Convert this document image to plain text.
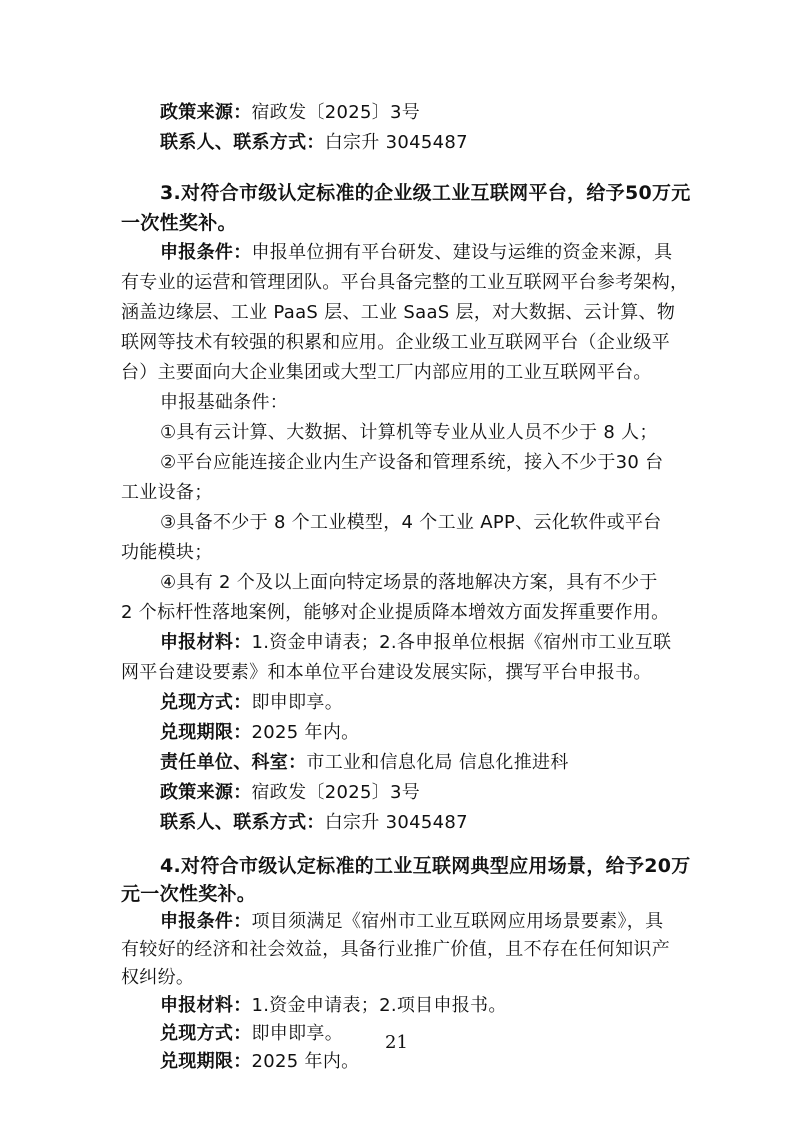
政策来源：宿政发〔2025〕3号
联系人、联系方式：白宗升 3045487
3.对符合市级认定标准的企业级工业互联网平台，给予50万元
一次性奖补。
申报条件：申报单位拥有平台研发、建设与运维的资金来源，具
有专业的运营和管理团队。平台具备完整的工业互联网平台参考架构，
涵盖边缘层、工业 PaaS 层、工业 SaaS 层，对大数据、云计算、物
联网等技术有较强的积累和应用。企业级工业互联网平台（企业级平
台）主要面向大企业集团或大型工厂内部应用的工业互联网平台。
申报基础条件：
①具有云计算、大数据、计算机等专业从业人员不少于 8 人；
②平台应能连接企业内生产设备和管理系统，接入不少于30 台
工业设备；
③具备不少于 8 个工业模型，4 个工业 APP、云化软件或平台
功能模块；
④具有 2 个及以上面向特定场景的落地解决方案，具有不少于
2 个标杆性落地案例，能够对企业提质降本增效方面发挥重要作用。
申报材料：1.资金申请表；2.各申报单位根据《宿州市工业互联
网平台建设要素》和本单位平台建设发展实际，撰写平台申报书。
兑现方式：即申即享。
兑现期限：2025 年内。
责任单位、科室：市工业和信息化局 信息化推进科
政策来源：宿政发〔2025〕3号
联系人、联系方式：白宗升 3045487
4.对符合市级认定标准的工业互联网典型应用场景，给予20万
元一次性奖补。
申报条件：项目须满足《宿州市工业互联网应用场景要素》，具
有较好的经济和社会效益，具备行业推广价值，且不存在任何知识产
权纠纷。
申报材料：1.资金申请表；2.项目申报书。
21
兑现方式：即申即享。
兑现期限：2025 年内。
